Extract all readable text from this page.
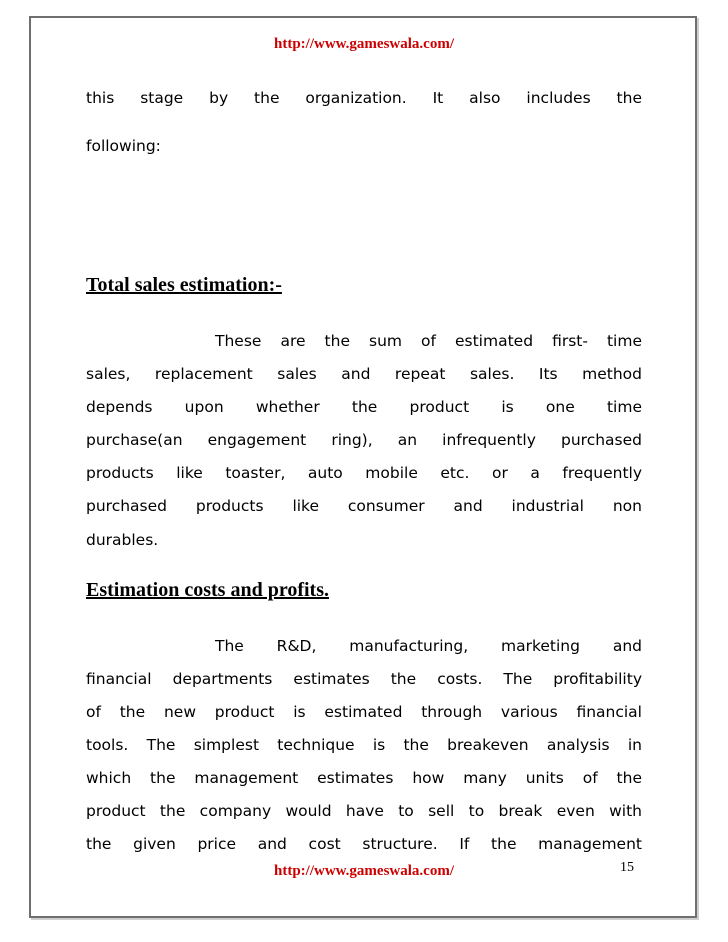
http://www.gameswala.com/
this stage by the organization. It also includes the
following:
Total sales estimation:-
These are the sum of estimated first- time
sales, replacement sales and repeat sales. Its method
depends upon whether the product is one time
purchase(an engagement ring), an infrequently purchased
products like toaster, auto mobile etc. or a frequently
purchased products like consumer and industrial non
durables.
Estimation costs and profits.
The R&D, manufacturing, marketing and
financial departments estimates the costs. The profitability
of the new product is estimated through various financial
tools. The simplest technique is the breakeven analysis in
which the management estimates how many units of the
product the company would have to sell to break even with
the given price and cost structure. If the management
http://www.gameswala.com/	15
